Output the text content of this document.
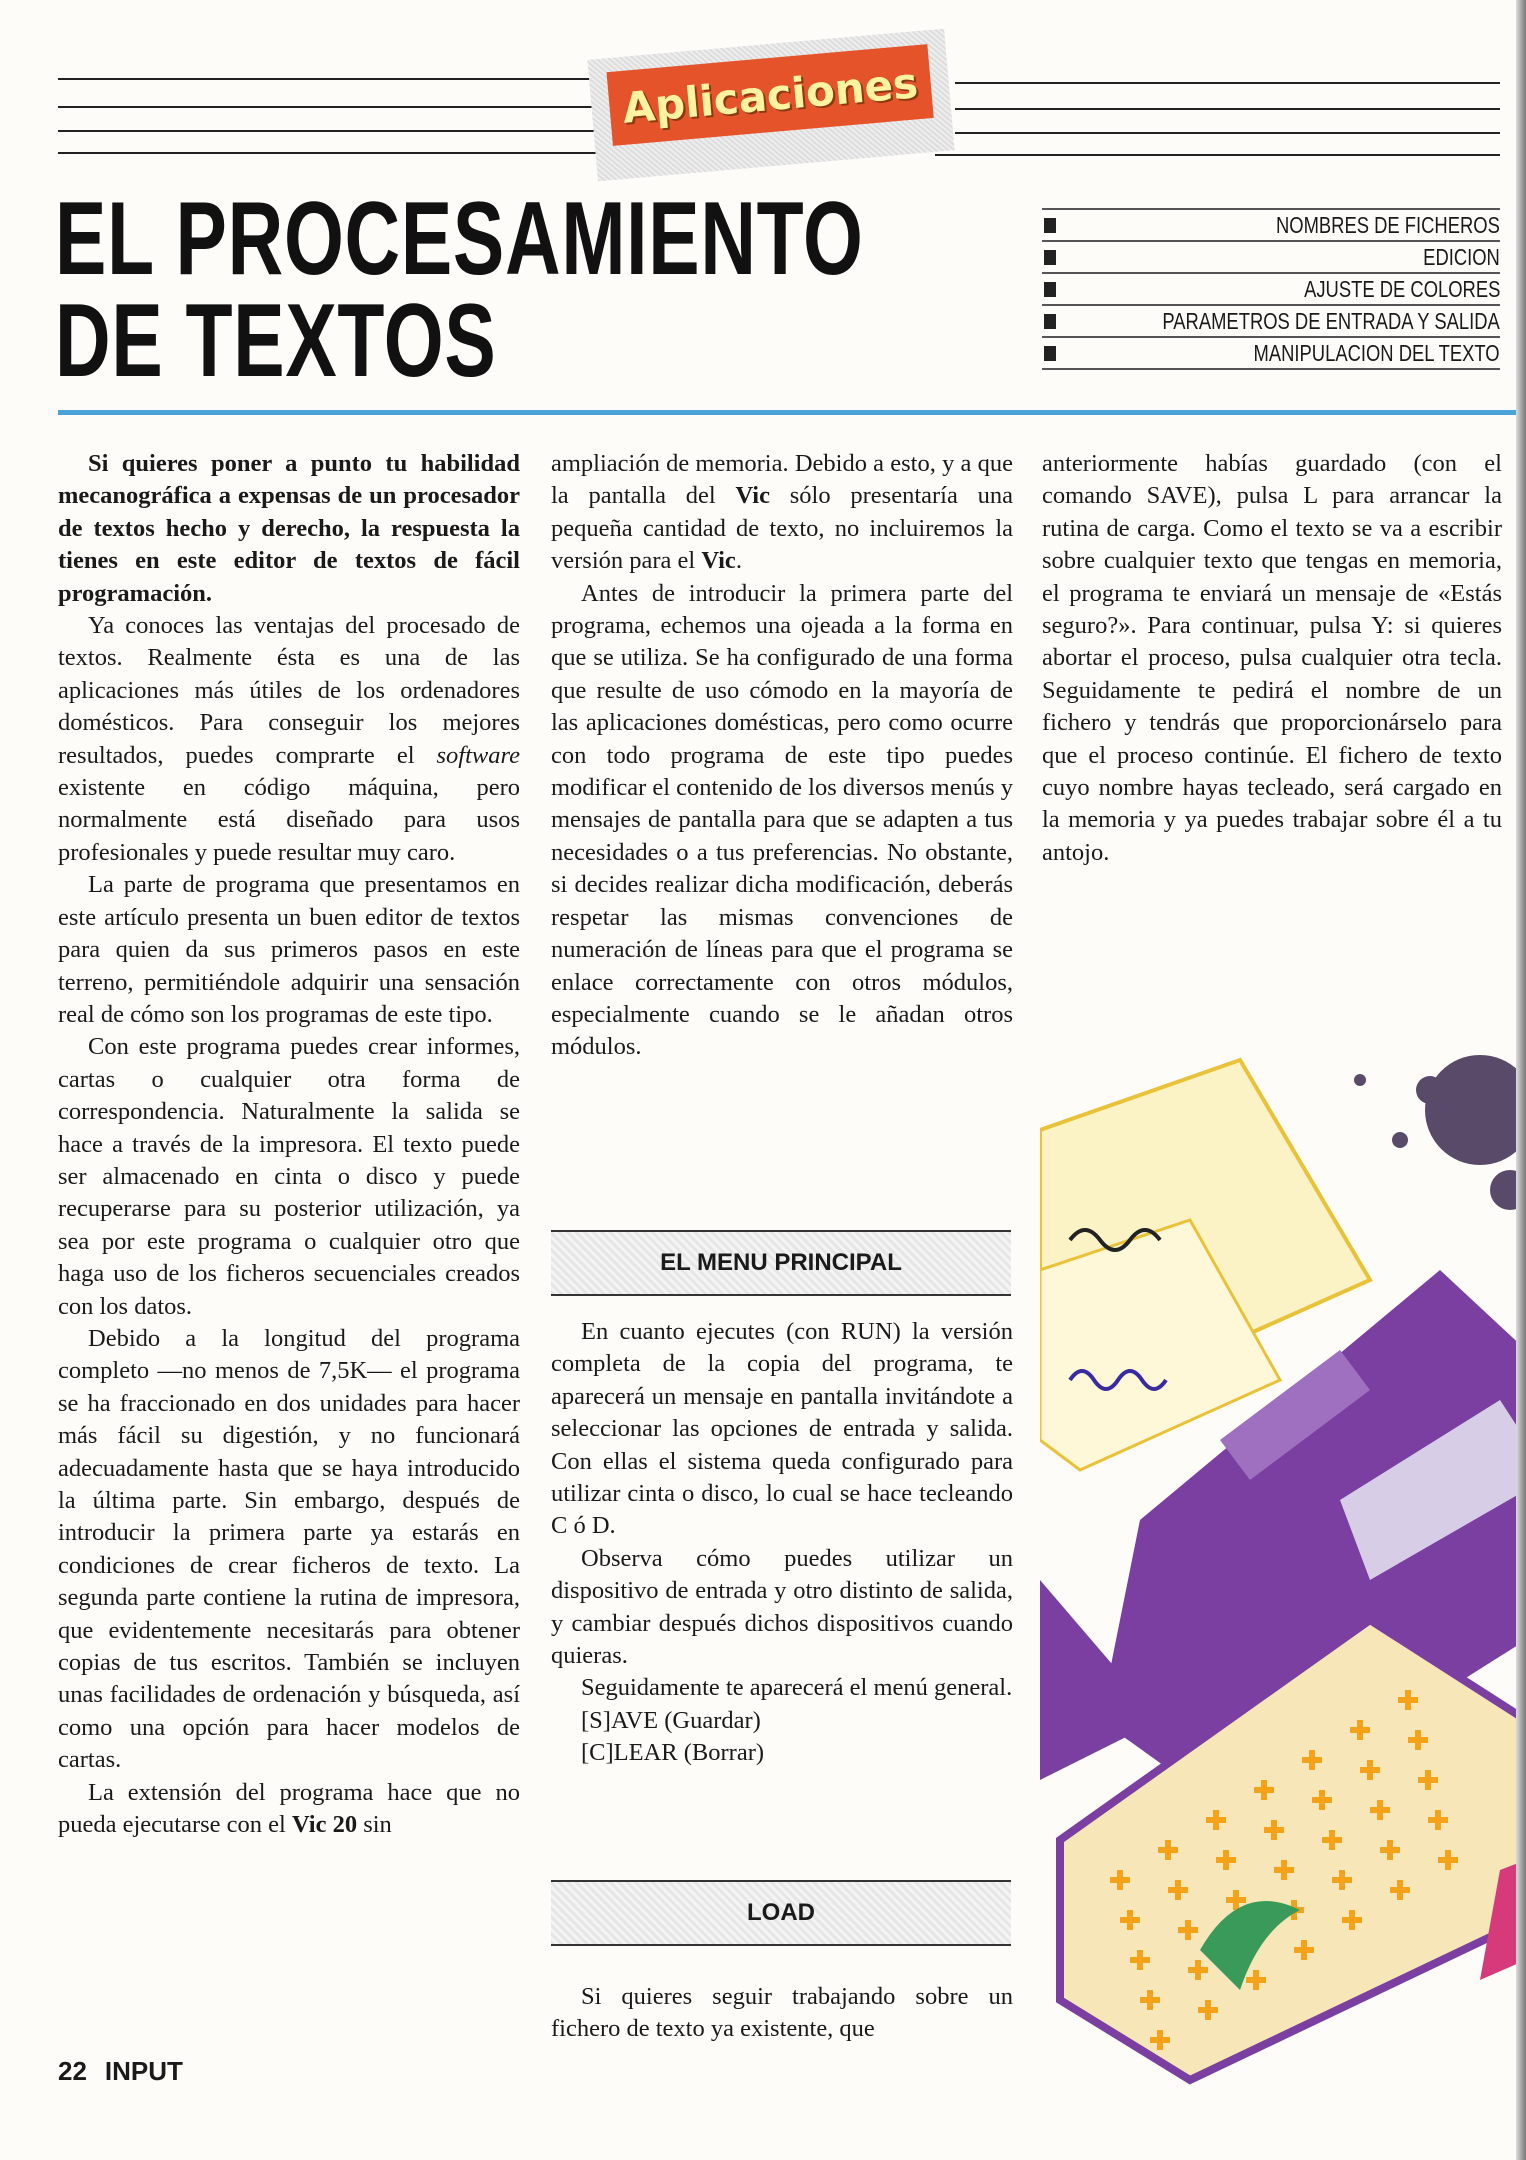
Aplicaciones
EL PROCESAMIENTO
DE TEXTOS
NOMBRES DE FICHEROS
EDICION
AJUSTE DE COLORES
PARAMETROS DE ENTRADA Y SALIDA
MANIPULACION DEL TEXTO

Si quieres poner a punto tu habilidad mecanográfica a expensas de un procesador de textos hecho y derecho, la respuesta la tienes en este editor de textos de fácil programación.

Ya conoces las ventajas del procesado de textos. Realmente ésta es una de las aplicaciones más útiles de los ordenadores domésticos. Para conseguir los mejores resultados, puedes comprarte el software existente en código máquina, pero normalmente está diseñado para usos profesionales y puede resultar muy caro.

La parte de programa que presentamos en este artículo presenta un buen editor de textos para quien da sus primeros pasos en este terreno, permitiéndole adquirir una sensación real de cómo son los programas de este tipo.

Con este programa puedes crear informes, cartas o cualquier otra forma de correspondencia. Naturalmente la salida se hace a través de la impresora. El texto puede ser almacenado en cinta o disco y puede recuperarse para su posterior utilización, ya sea por este programa o cualquier otro que haga uso de los ficheros secuenciales creados con los datos.

Debido a la longitud del programa completo —no menos de 7,5K— el programa se ha fraccionado en dos unidades para hacer más fácil su digestión, y no funcionará adecuadamente hasta que se haya introducido la última parte. Sin embargo, después de introducir la primera parte ya estarás en condiciones de crear ficheros de texto. La segunda parte contiene la rutina de impresora, que evidentemente necesitarás para obtener copias de tus escritos. También se incluyen unas facilidades de ordenación y búsqueda, así como una opción para hacer modelos de cartas.

La extensión del programa hace que no pueda ejecutarse con el Vic 20 sin

ampliación de memoria. Debido a esto, y a que la pantalla del Vic sólo presentaría una pequeña cantidad de texto, no incluiremos la versión para el Vic.

Antes de introducir la primera parte del programa, echemos una ojeada a la forma en que se utiliza. Se ha configurado de una forma que resulte de uso cómodo en la mayoría de las aplicaciones domésticas, pero como ocurre con todo programa de este tipo puedes modificar el contenido de los diversos menús y mensajes de pantalla para que se adapten a tus necesidades o a tus preferencias. No obstante, si decides realizar dicha modificación, deberás respetar las mismas convenciones de numeración de líneas para que el programa se enlace correctamente con otros módulos, especialmente cuando se le añadan otros módulos.

EL MENU PRINCIPAL

En cuanto ejecutes (con RUN) la versión completa de la copia del programa, te aparecerá un mensaje en pantalla invitándote a seleccionar las opciones de entrada y salida. Con ellas el sistema queda configurado para utilizar cinta o disco, lo cual se hace tecleando C ó D.

Observa cómo puedes utilizar un dispositivo de entrada y otro distinto de salida, y cambiar después dichos dispositivos cuando quieras.

Seguidamente te aparecerá el menú general.

[S]AVE (Guardar)

[C]LEAR (Borrar)

LOAD

Si quieres seguir trabajando sobre un fichero de texto ya existente, que

anteriormente habías guardado (con el comando SAVE), pulsa L para arrancar la rutina de carga. Como el texto se va a escribir sobre cualquier texto que tengas en memoria, el programa te enviará un mensaje de «Estás seguro?». Para continuar, pulsa Y: si quieres abortar el proceso, pulsa cualquier otra tecla. Seguidamente te pedirá el nombre de un fichero y tendrás que proporcionárselo para que el proceso continúe. El fichero de texto cuyo nombre hayas tecleado, será cargado en la memoria y ya puedes trabajar sobre él a tu antojo.

22 INPUT
